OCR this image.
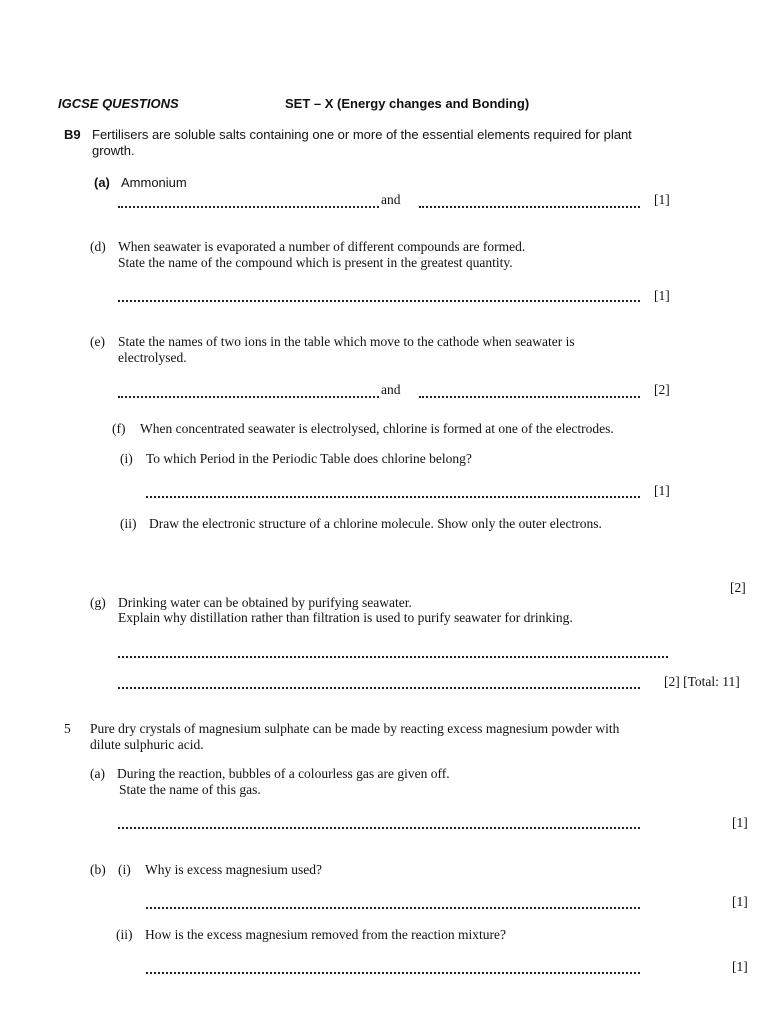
IGCSE QUESTIONS	SET – X (Energy changes and Bonding)
B9 Fertilisers are soluble salts containing one or more of the essential elements required for plant
growth.
(a) Ammonium
and	[1]
(d) When seawater is evaporated a number of different compounds are formed.
State the name of the compound which is present in the greatest quantity.
[1]
(e) State the names of two ions in the table which move to the cathode when seawater is
electrolysed.
and	[2]
(f) When concentrated seawater is electrolysed, chlorine is formed at one of the electrodes.
(i) To which Period in the Periodic Table does chlorine belong?
[1]
(ii) Draw the electronic structure of a chlorine molecule. Show only the outer electrons.
[2]
(g) Drinking water can be obtained by purifying seawater.
Explain why distillation rather than filtration is used to purify seawater for drinking.
[2] [Total: 11]
5 Pure dry crystals of magnesium sulphate can be made by reacting excess magnesium powder with
dilute sulphuric acid.
(a) During the reaction, bubbles of a colourless gas are given off.
State the name of this gas.
[1]
(b) (i) Why is excess magnesium used?
[1]
(ii) How is the excess magnesium removed from the reaction mixture?
[1]
